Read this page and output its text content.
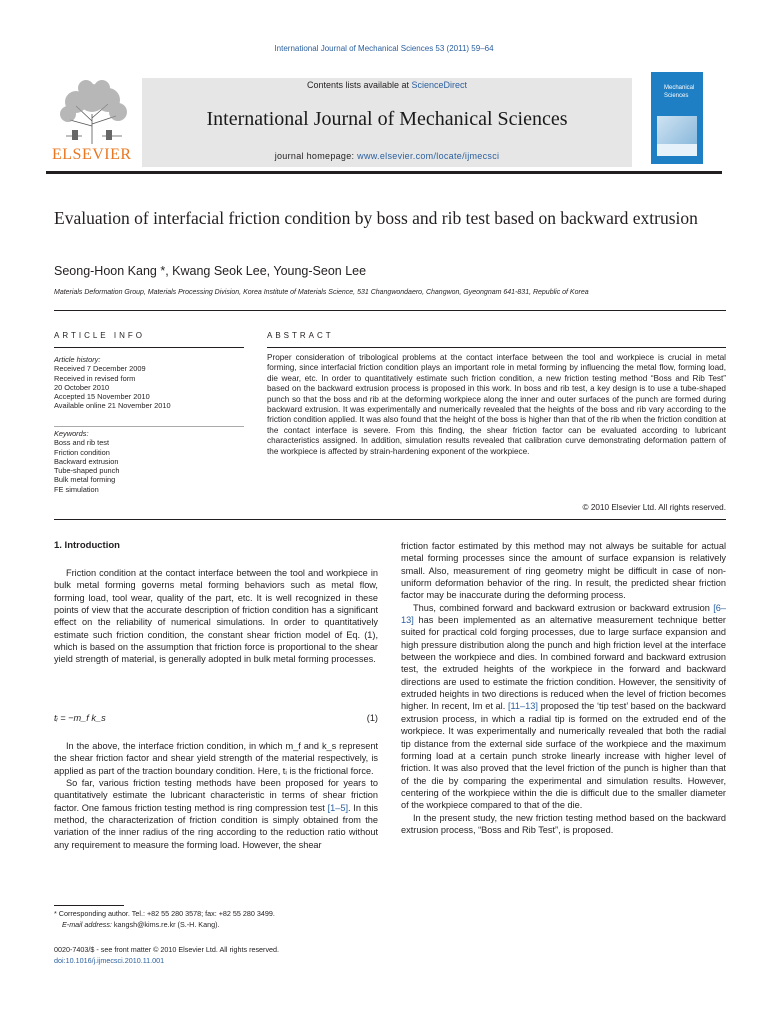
International Journal of Mechanical Sciences 53 (2011) 59–64
ELSEVIER
Contents lists available at ScienceDirect
International Journal of Mechanical Sciences
journal homepage: www.elsevier.com/locate/ijmecsci
Mechanical
Sciences
Evaluation of interfacial friction condition by boss and rib test based on backward extrusion
Seong-Hoon Kang *, Kwang Seok Lee, Young-Seon Lee
Materials Deformation Group, Materials Processing Division, Korea Institute of Materials Science, 531 Changwondaero, Changwon, Gyeongnam 641-831, Republic of Korea
ARTICLE INFO
Article history:
Received 7 December 2009
Received in revised form
20 October 2010
Accepted 15 November 2010
Available online 21 November 2010
Keywords:
Boss and rib test
Friction condition
Backward extrusion
Tube-shaped punch
Bulk metal forming
FE simulation
ABSTRACT
Proper consideration of tribological problems at the contact interface between the tool and workpiece is crucial in metal forming, since interfacial friction condition plays an important role in metal forming by influencing the metal flow, forming load, die wear, etc. In order to quantitatively estimate such friction condition, a new friction testing method “Boss and Rib Test” based on the backward extrusion process is proposed in this work. In boss and rib test, a key design is to use a tube-shaped punch so that the boss and rib at the deforming workpiece along the inner and outer surfaces of the punch are formed during backward extrusion. It was experimentally and numerically revealed that the heights of the boss and rib vary according to the friction condition applied. It was also found that the height of the boss is higher than that of the rib when the friction condition at the contact interface is severe. From this finding, the shear friction factor can be evaluated according to lubricant characteristics assigned. In addition, simulation results revealed that calibration curve demonstrating deformation pattern of the workpiece is affected by strain-hardening exponent of the workpiece.
© 2010 Elsevier Ltd. All rights reserved.
1. Introduction

Friction condition at the contact interface between the tool and workpiece in bulk metal forming governs metal forming behaviors such as metal flow, forming load, tool wear, quality of the part, etc. It is well recognized in these points of view that the accurate description of friction condition has a significant effect on the reliability of numerical simulations. In order to quantitatively estimate such friction condition, the constant shear friction model of Eq. (1), which is based on the assumption that friction force is proportional to the shear yield strength of material, is generally adopted in bulk metal forming processes.

tᵢ = −m_f k_s	(1)

In the above, the interface friction condition, in which m_f and k_s represent the shear friction factor and shear yield strength of the material respectively, is applied as part of the traction boundary condition. Here, tᵢ is the frictional force.

So far, various friction testing methods have been proposed for years to quantitatively estimate the lubricant characteristic in terms of shear friction factor. One famous friction testing method is ring compression test [1–5]. In this method, the characterization of friction condition is simply obtained from the variation of the inner radius of the ring according to the reduction ratio without any requirement to measure the forming load. However, the shear

* Corresponding author. Tel.: +82 55 280 3578; fax: +82 55 280 3499.
E-mail address: kangsh@kims.re.kr (S.-H. Kang).
0020-7403/$ - see front matter © 2010 Elsevier Ltd. All rights reserved.
doi:10.1016/j.ijmecsci.2010.11.001

friction factor estimated by this method may not always be suitable for actual metal forming processes since the amount of surface expansion is relatively small. Also, measurement of ring geometry might be difficult in case of non-uniform deformation behavior of the ring. In result, the predicted shear friction factor may be inaccurate during the deforming process.

Thus, combined forward and backward extrusion or backward extrusion [6–13] has been implemented as an alternative measurement technique better suited for practical cold forging processes, due to large surface expansion and high pressure distribution along the punch and high friction level at the interface between the workpiece and dies. In combined forward and backward extrusion test, the extruded heights of the workpiece in the forward and backward directions are used to estimate the friction condition. However, the sensitivity of extruded heights in two directions is reduced when the level of friction becomes higher. In recent, Im et al. [11–13] proposed the ‘tip test’ based on the backward extrusion process, in which a radial tip is formed on the extruded end of the workpiece. It was experimentally and numerically revealed that both the radial tip distance from the external side surface of the workpiece and the maximum forming load at a certain punch stroke linearly increase with higher level of friction. It was also proved that the level friction of the punch is higher than that of the die by comparing the experimental and simulation results. However, centering of the workpiece within the die is difficult due to the smaller diameter of the workpiece compared to that of the die.

In the present study, the new friction testing method based on the backward extrusion process, “Boss and Rib Test”, is proposed.
